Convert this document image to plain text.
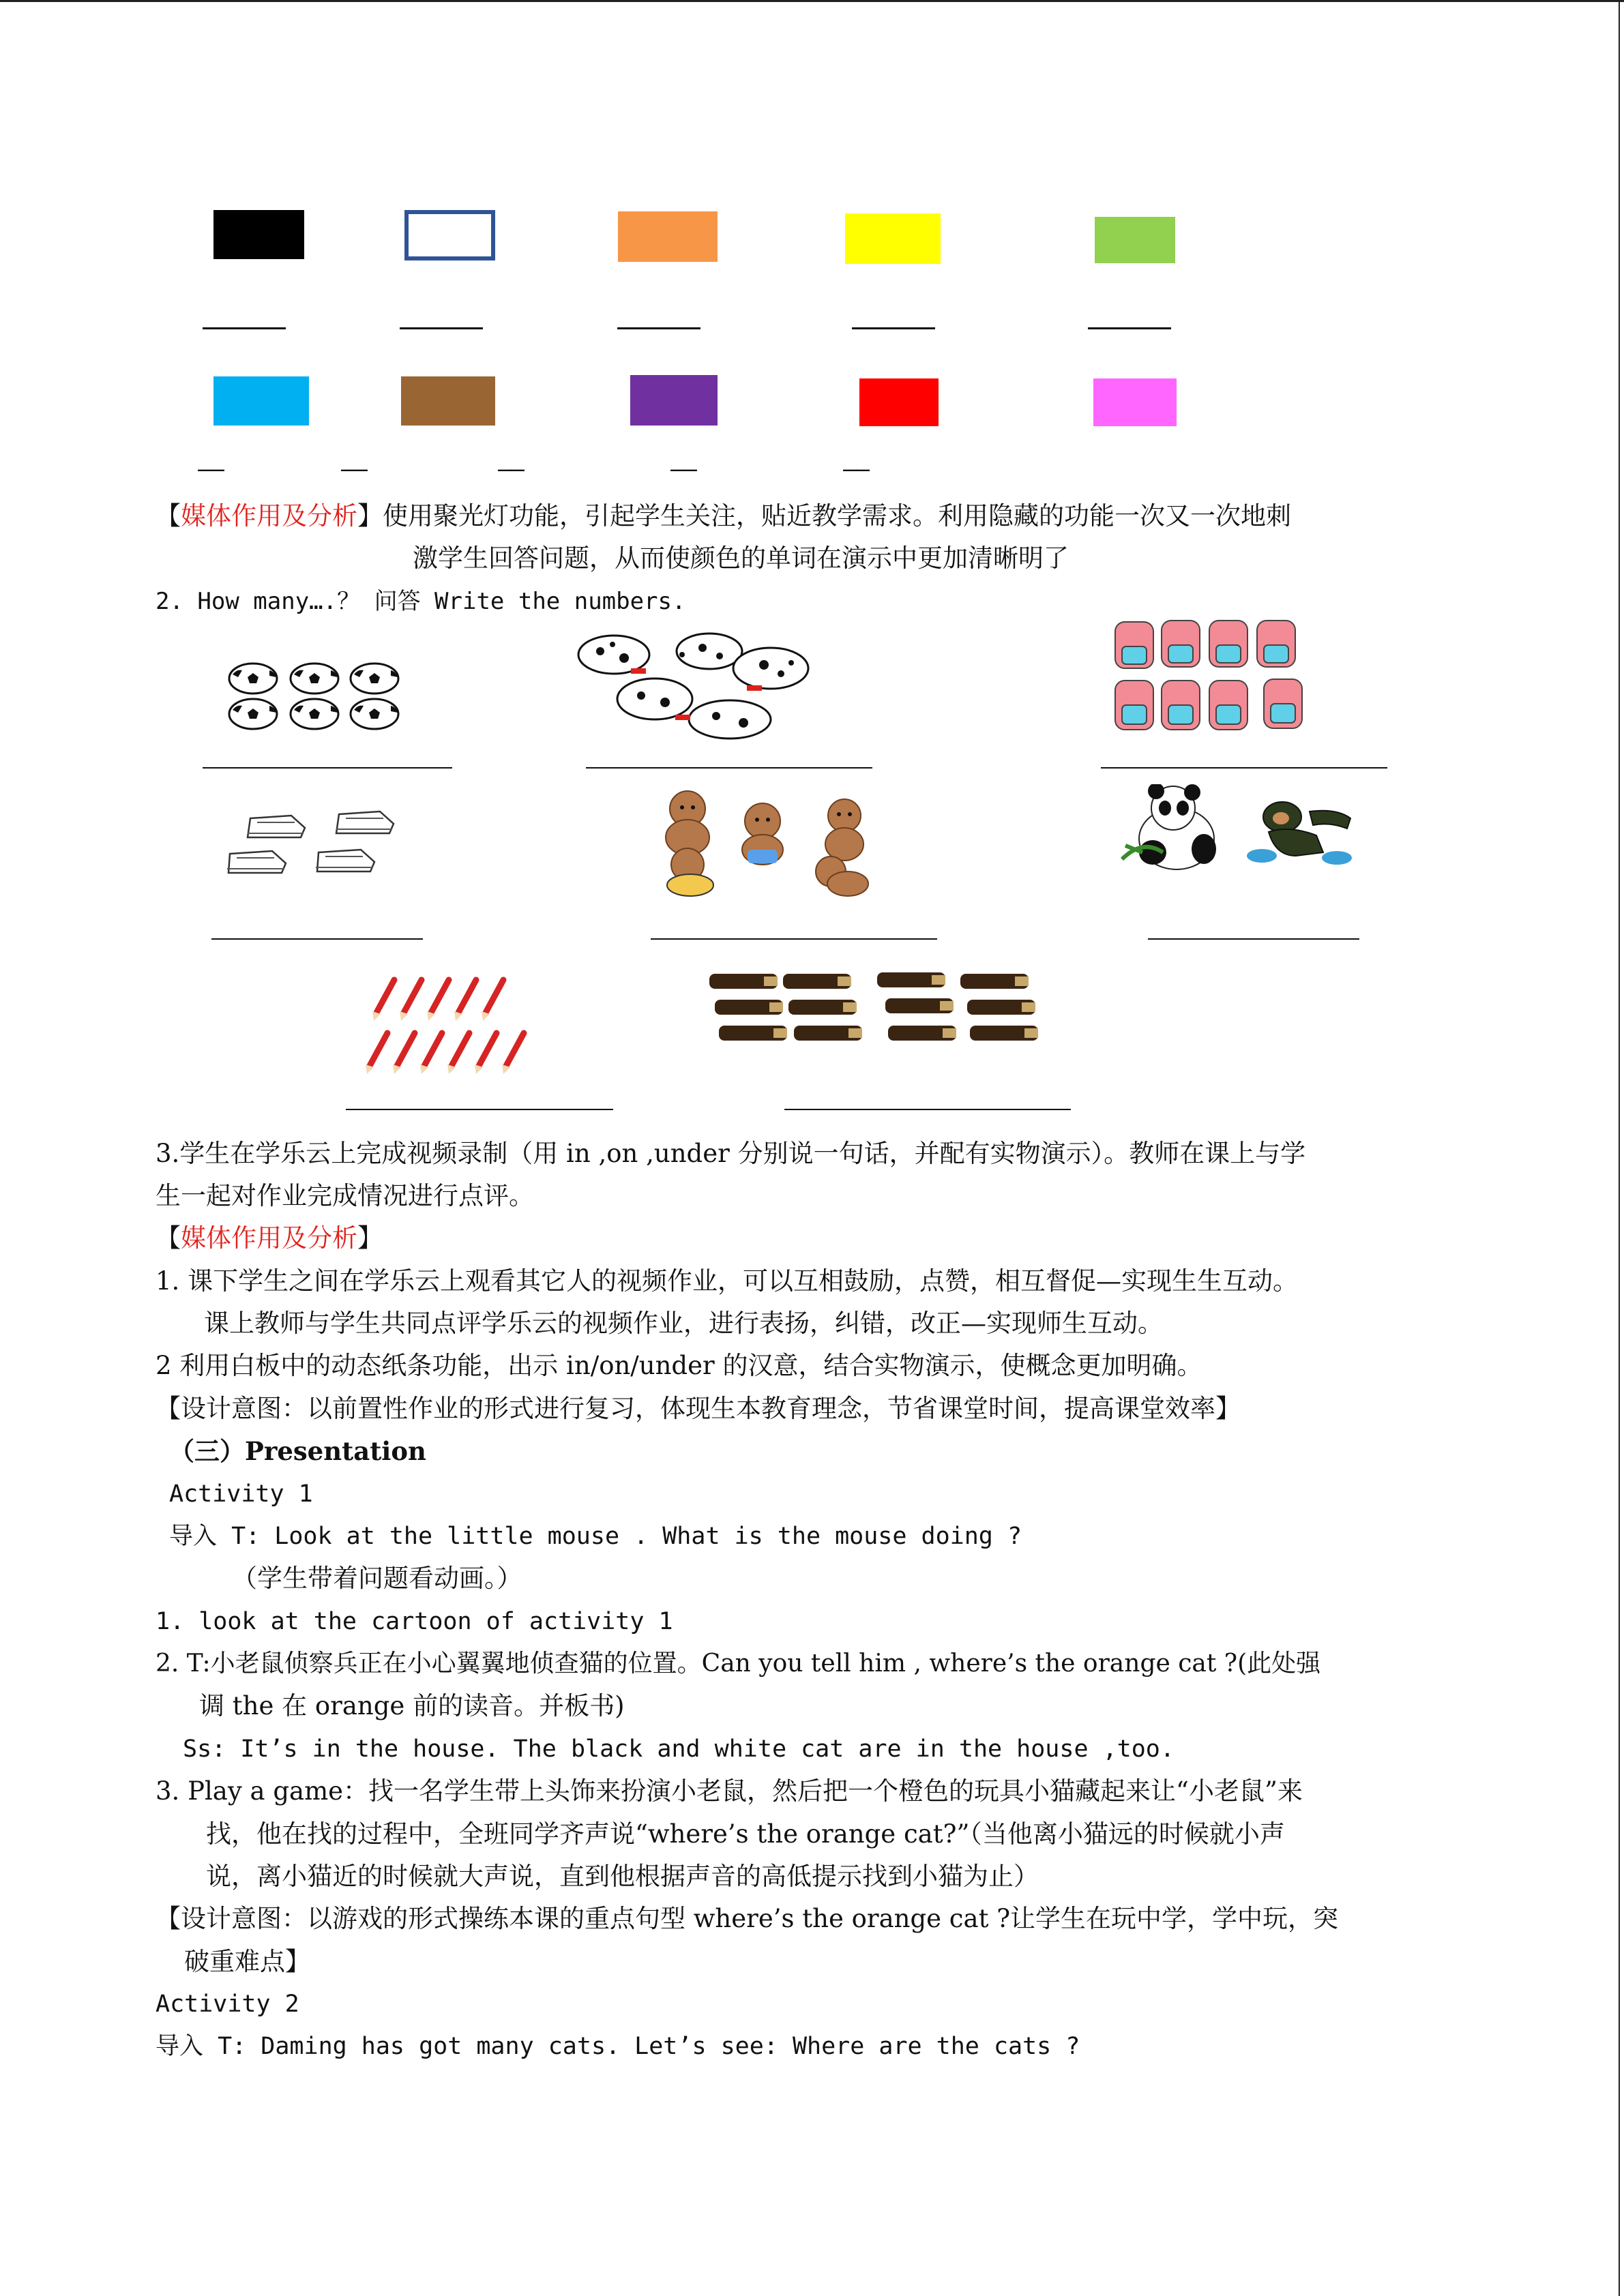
——	——	——	——	——
【媒体作用及分析】使用聚光灯功能，引起学生关注，贴近教学需求。利用隐藏的功能一次又一次地刺
激学生回答问题，从而使颜色的单词在演示中更加清晰明了
2. How many….？ 问答 Write the numbers.
3.学生在学乐云上完成视频录制（用 in ,on ,under 分别说一句话，并配有实物演示）。教师在课上与学
生一起对作业完成情况进行点评。
【媒体作用及分析】
1. 课下学生之间在学乐云上观看其它人的视频作业，可以互相鼓励，点赞，相互督促—实现生生互动。
课上教师与学生共同点评学乐云的视频作业，进行表扬，纠错，改正—实现师生互动。
2 利用白板中的动态纸条功能，出示 in/on/under 的汉意，结合实物演示，使概念更加明确。
【设计意图：以前置性作业的形式进行复习，体现生本教育理念，节省课堂时间，提高课堂效率】
（三）Presentation
Activity 1
导入 T: Look at the little mouse . What is the mouse doing ?
（学生带着问题看动画。）
1. look at the cartoon of activity 1
2. T:小老鼠侦察兵正在小心翼翼地侦查猫的位置。Can you tell him , where’s the orange cat ?(此处强
调 the 在 orange 前的读音。并板书)
Ss: It’s in the house. The black and white cat are in the house ,too.
3. Play a game：找一名学生带上头饰来扮演小老鼠，然后把一个橙色的玩具小猫藏起来让“小老鼠”来
找，他在找的过程中，全班同学齐声说“where’s the orange cat?”（当他离小猫远的时候就小声
说，离小猫近的时候就大声说，直到他根据声音的高低提示找到小猫为止）
【设计意图：以游戏的形式操练本课的重点句型 where’s the orange cat ?让学生在玩中学，学中玩，突
破重难点】
Activity 2
导入 T: Daming has got many cats. Let’s see: Where are the cats ?
